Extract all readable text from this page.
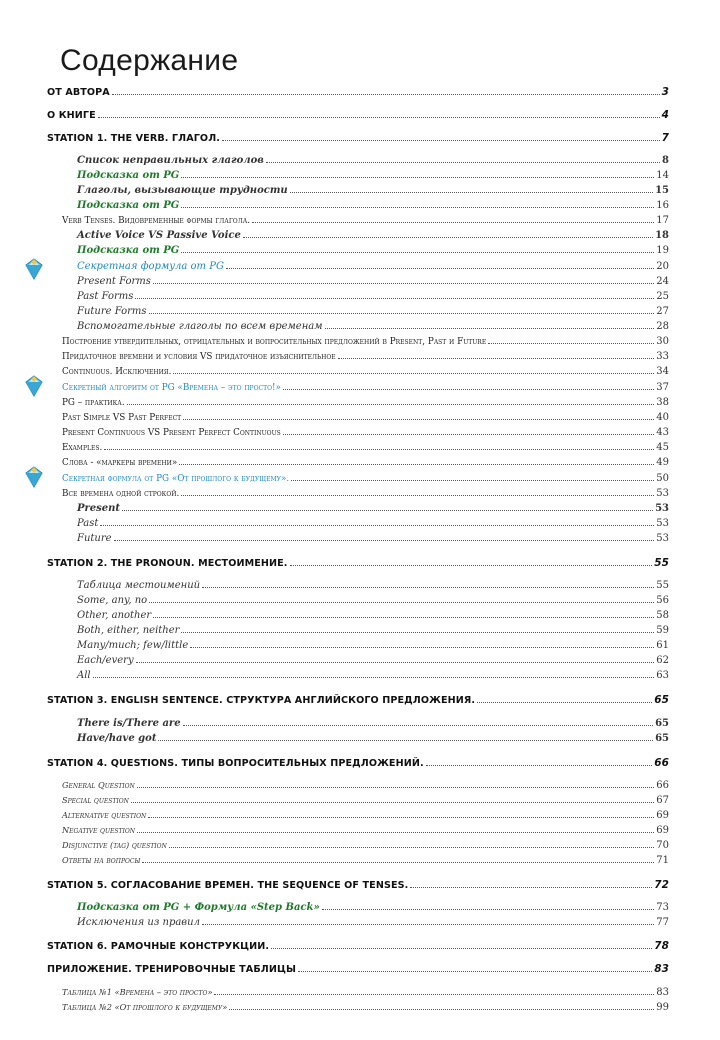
Содержание
ОТ АВТОРА	3
О КНИГЕ	4
STATION 1. THE VERB. ГЛАГОЛ.	7
Список неправильных глаголов	8
Подсказка от PG	14
Глаголы, вызывающие трудности	15
Подсказка от PG	16
Verb Tenses. Видовременные формы глагола.	17
Active Voice VS Passive Voice	18
Подсказка от PG	19
Секретная формула от PG	20
Present Forms	24
Past Forms	25
Future Forms	27
Вспомогательные глаголы по всем временам	28
Построение утвердительных, отрицательных и вопросительных предложений в Present, Past и Future	30
Придаточное времени и условия VS придаточное изъяснительное	33
Continuous. Исключения.	34
Секретный алгоритм от PG «Времена – это просто!»	37
PG – практика.	38
Past Simple VS Past Perfect	40
Present Continuous VS Present Perfect Continuous	43
Examples.	45
Слова - «маркеры времени»	49
Секретная формула от PG «От прошлого к будущему».	50
Все времена одной строкой.	53
Present	53
Past	53
Future	53
STATION 2. THE PRONOUN. МЕСТОИМЕНИЕ.	55
Таблица местоимений	55
Some, any, no	56
Other, another	58
Both, either, neither	59
Many/much; few/little	61
Each/every	62
All	63
STATION 3. ENGLISH SENTENCE. СТРУКТУРА АНГЛИЙСКОГО ПРЕДЛОЖЕНИЯ.	65
There is/There are	65
Have/have got	65
STATION 4. QUESTIONS. ТИПЫ ВОПРОСИТЕЛЬНЫХ ПРЕДЛОЖЕНИЙ.	66
General Question	66
Special question	67
Alternative question	69
Negative question	69
Disjunctive (tag) question	70
Ответы на вопросы	71
STATION 5. СОГЛАСОВАНИЕ ВРЕМЕН. THE SEQUENCE OF TENSES.	72
Подсказка от PG + Формула «Step Back»	73
Исключения из правил	77
STATION 6. РАМОЧНЫЕ КОНСТРУКЦИИ.	78
ПРИЛОЖЕНИЕ. ТРЕНИРОВОЧНЫЕ ТАБЛИЦЫ	83
Таблица №1 «Времена – это просто»	83
Таблица №2 «От прошлого к будущему»	99
